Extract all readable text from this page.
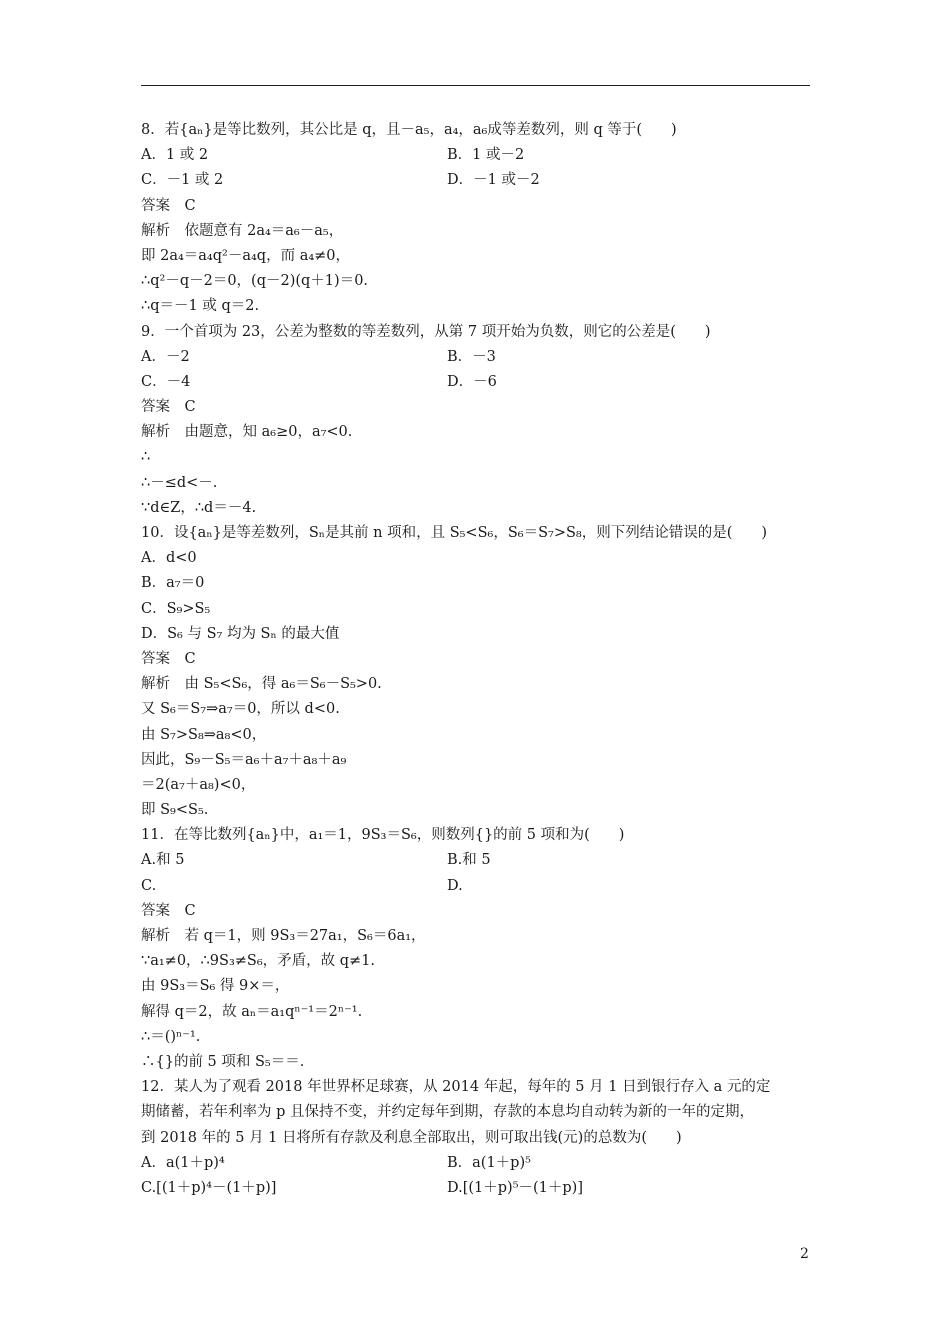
8．若{aₙ}是等比数列，其公比是 q，且－a₅，a₄，a₆成等差数列，则 q 等于(　　)
A．1 或 2	B．1 或－2
C．－1 或 2	D．－1 或－2
答案　C
解析　依题意有 2a₄＝a₆－a₅，
即 2a₄＝a₄q²－a₄q，而 a₄≠0，
∴q²－q－2＝0，(q－2)(q＋1)＝0.
∴q＝－1 或 q＝2.
9．一个首项为 23，公差为整数的等差数列，从第 7 项开始为负数，则它的公差是(　　)
A．－2	B．－3
C．－4	D．－6
答案　C
解析　由题意，知 a₆≥0，a₇<0.
∴
∴－≤d<－.
∵d∈Z，∴d＝－4.
10．设{aₙ}是等差数列，Sₙ是其前 n 项和，且 S₅<S₆，S₆＝S₇>S₈，则下列结论错误的是(　　)
A．d<0
B．a₇＝0
C．S₉>S₅
D．S₆ 与 S₇ 均为 Sₙ 的最大值
答案　C
解析　由 S₅<S₆，得 a₆＝S₆－S₅>0.
又 S₆＝S₇⇒a₇＝0，所以 d<0.
由 S₇>S₈⇒a₈<0，
因此，S₉－S₅＝a₆＋a₇＋a₈＋a₉
＝2(a₇＋a₈)<0，
即 S₉<S₅.
11．在等比数列{aₙ}中，a₁＝1，9S₃＝S₆，则数列{}的前 5 项和为(　　)
A.和 5	B.和 5
C.	D.
答案　C
解析　若 q＝1，则 9S₃＝27a₁，S₆＝6a₁，
∵a₁≠0，∴9S₃≠S₆，矛盾，故 q≠1.
由 9S₃＝S₆ 得 9×＝，
解得 q＝2，故 aₙ＝a₁qⁿ⁻¹＝2ⁿ⁻¹.
∴＝()ⁿ⁻¹.
∴{}的前 5 项和 S₅＝＝.
12．某人为了观看 2018 年世界杯足球赛，从 2014 年起，每年的 5 月 1 日到银行存入 a 元的定
期储蓄，若年利率为 p 且保持不变，并约定每年到期，存款的本息均自动转为新的一年的定期，
到 2018 年的 5 月 1 日将所有存款及利息全部取出，则可取出钱(元)的总数为(　　)
A．a(1＋p)⁴	B．a(1＋p)⁵
C.[(1＋p)⁴－(1＋p)]	D.[(1＋p)⁵－(1＋p)]
2
